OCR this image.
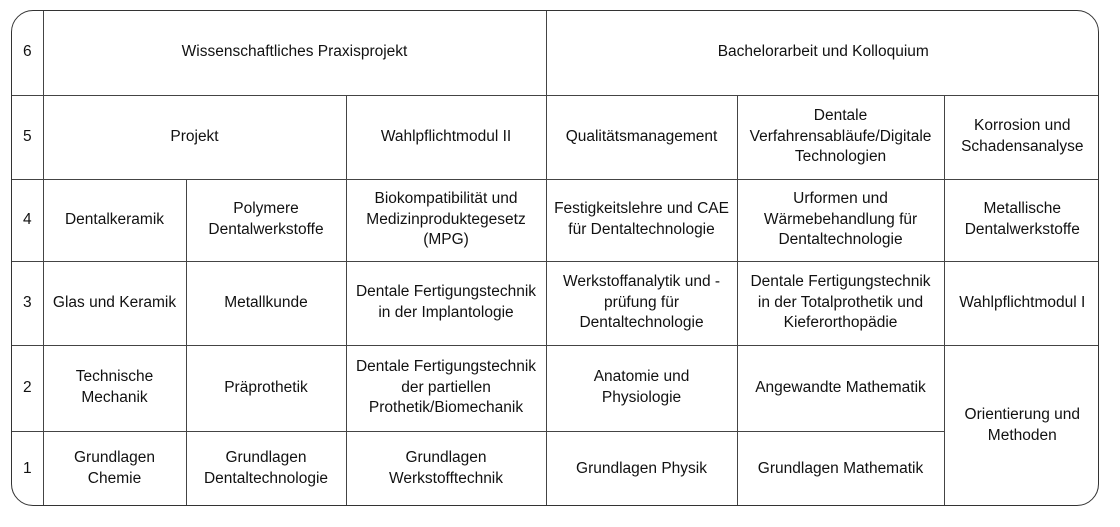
6	Wissenschaftliches Praxisprojekt			Bachelorarbeit und Kolloquium		

5	Projekt		Wahlpflichtmodul II	Qualitätsmanagement	Dentale Verfahrensabläufe/Digitale Technologien	Korrosion und Schadensanalyse

4	Dentalkeramik	Polymere Dentalwerkstoffe	Biokompatibilität und Medizinproduktegesetz (MPG)	Festigkeitslehre und CAE für Dentaltechnologie	Urformen und Wärmebehandlung für Dentaltechnologie	Metallische Dentalwerkstoffe

3	Glas und Keramik	Metallkunde	Dentale Fertigungstechnik in der Implantologie	Werkstoffanalytik und -prüfung für Dentaltechnologie	Dentale Fertigungstechnik in der Totalprothetik und Kieferorthopädie	Wahlpflichtmodul I

2	Technische Mechanik	Präprothetik	Dentale Fertigungstechnik der partiellen Prothetik/Biomechanik	Anatomie und Physiologie	Angewandte Mathematik	Orientierung und Methoden

1	Grundlagen Chemie	Grundlagen Dentaltechnologie	Grundlagen Werkstofftechnik	Grundlagen Physik	Grundlagen Mathematik	
